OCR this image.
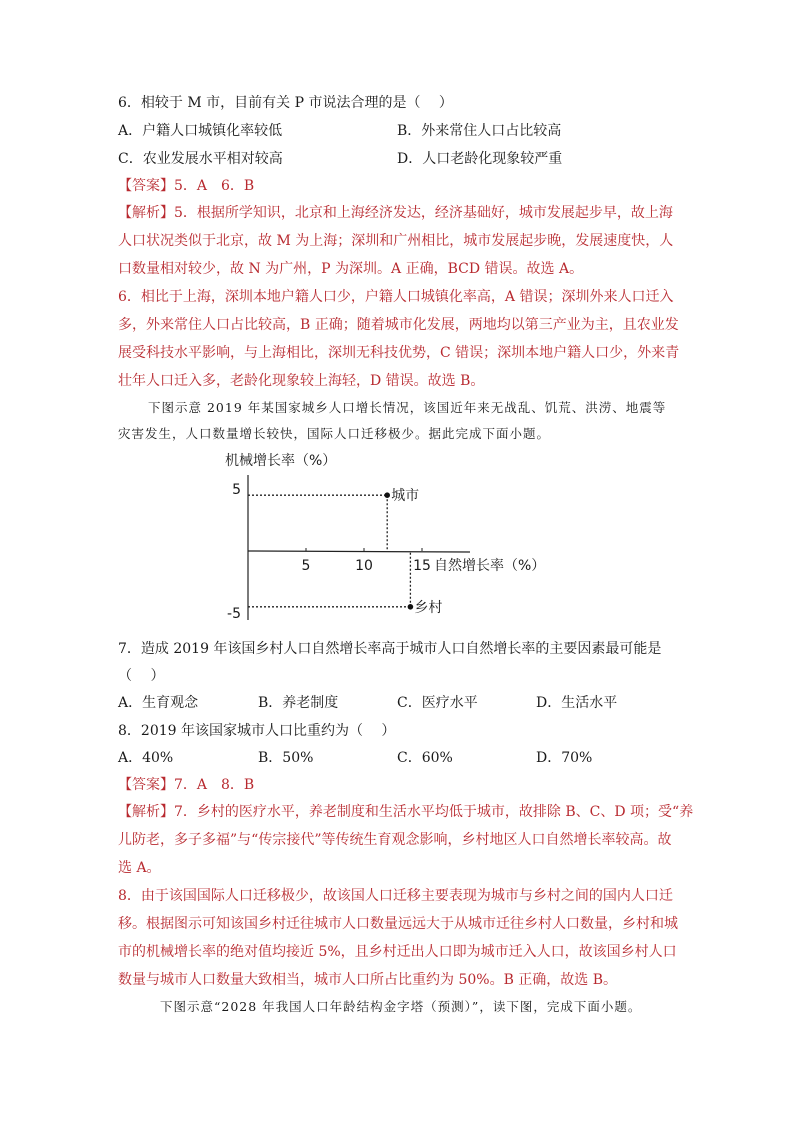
6．相较于 M 市，目前有关 P 市说法合理的是（　 ）
A．户籍人口城镇化率较低	B．外来常住人口占比较高
C．农业发展水平相对较高	D．人口老龄化现象较严重
【答案】5．A　6．B
【解析】5．根据所学知识，北京和上海经济发达，经济基础好，城市发展起步早，故上海
人口状况类似于北京，故 M 为上海；深圳和广州相比，城市发展起步晚，发展速度快，人
口数量相对较少，故 N 为广州，P 为深圳。A 正确，BCD 错误。故选 A。
6．相比于上海，深圳本地户籍人口少，户籍人口城镇化率高，A 错误；深圳外来人口迁入
多，外来常住人口占比较高，B 正确；随着城市化发展，两地均以第三产业为主，且农业发
展受科技水平影响，与上海相比，深圳无科技优势，C 错误；深圳本地户籍人口少，外来青
壮年人口迁入多，老龄化现象较上海轻，D 错误。故选 B。
下图示意 2019 年某国家城乡人口增长情况，该国近年来无战乱、饥荒、洪涝、地震等
灾害发生，人口数量增长较快，国际人口迁移极少。据此完成下面小题。
机械增长率（%）
5	10	15
5
-5
自然增长率（%）
城市
乡村
7．造成 2019 年该国乡村人口自然增长率高于城市人口自然增长率的主要因素最可能是
（　 ）
A．生育观念	B．养老制度	C．医疗水平	D．生活水平
8．2019 年该国家城市人口比重约为（　 ）
A．40%	B．50%	C．60%	D．70%
【答案】7．A　8．B
【解析】7．乡村的医疗水平，养老制度和生活水平均低于城市，故排除 B、C、D 项；受“养
儿防老，多子多福”与“传宗接代”等传统生育观念影响，乡村地区人口自然增长率较高。故
选 A。
8．由于该国国际人口迁移极少，故该国人口迁移主要表现为城市与乡村之间的国内人口迁
移。根据图示可知该国乡村迁往城市人口数量远远大于从城市迁往乡村人口数量，乡村和城
市的机械增长率的绝对值均接近 5%，且乡村迁出人口即为城市迁入人口，故该国乡村人口
数量与城市人口数量大致相当，城市人口所占比重约为 50%。B 正确，故选 B。
下图示意“2028 年我国人口年龄结构金字塔（预测）”，读下图，完成下面小题。
